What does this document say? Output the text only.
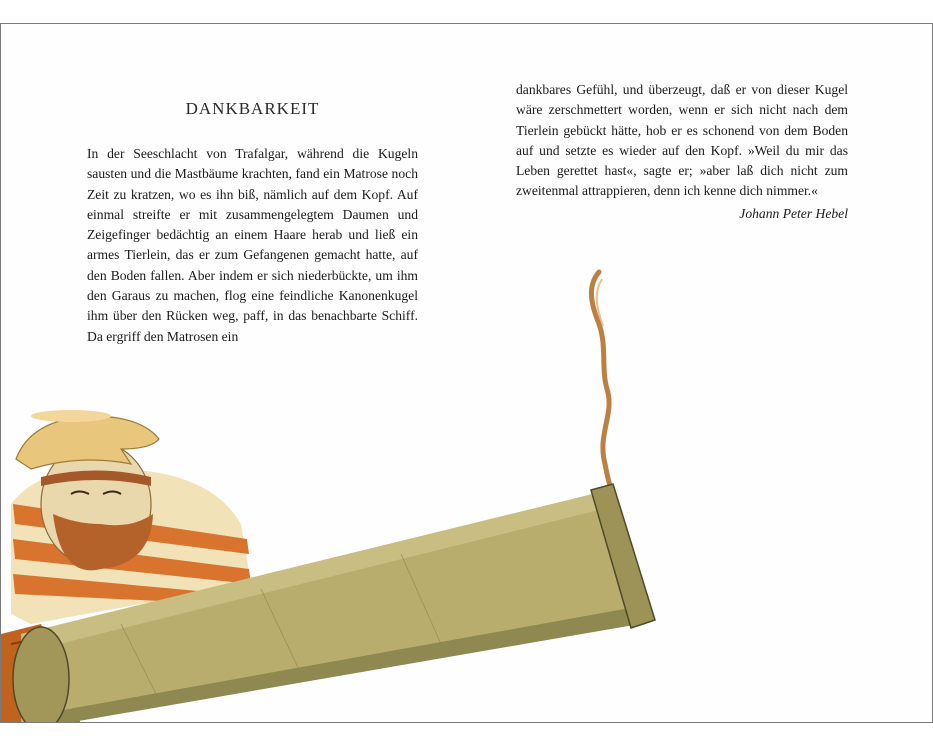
DANKBARKEIT

In der Seeschlacht von Trafalgar, während die Kugeln sausten und die Mastbäume krachten, fand ein Matrose noch Zeit zu kratzen, wo es ihn biß, nämlich auf dem Kopf. Auf einmal streifte er mit zusammengelegtem Daumen und Zeigefinger bedächtig an einem Haare herab und ließ ein armes Tierlein, das er zum Gefangenen gemacht hatte, auf den Boden fallen. Aber indem er sich niederbückte, um ihm den Garaus zu machen, flog eine feindliche Kanonenkugel ihm über den Rücken weg, paff, in das benachbarte Schiff. Da ergriff den Matrosen ein

dankbares Gefühl, und überzeugt, daß er von dieser Kugel wäre zerschmettert worden, wenn er sich nicht nach dem Tierlein gebückt hätte, hob er es schonend von dem Boden auf und setzte es wieder auf den Kopf. »Weil du mir das Leben gerettet hast«, sagte er; »aber laß dich nicht zum zweitenmal attrappieren, denn ich kenne dich nimmer.«

Johann Peter Hebel
